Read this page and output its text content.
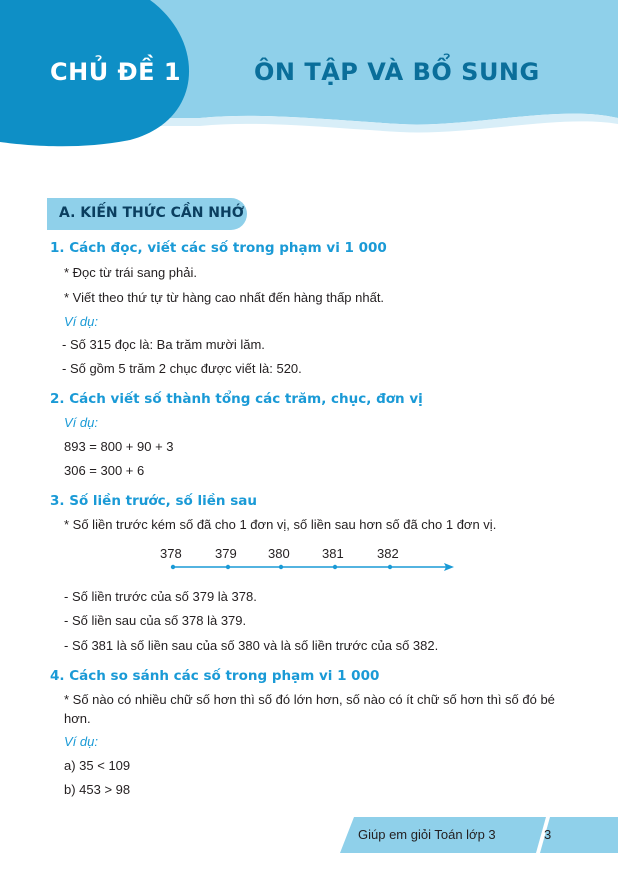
CHỦ ĐỀ 1	ÔN TẬP VÀ BỔ SUNG
A. KIẾN THỨC CẦN NHỚ
1. Cách đọc, viết các số trong phạm vi 1 000
* Đọc từ trái sang phải.
* Viết theo thứ tự từ hàng cao nhất đến hàng thấp nhất.
Ví dụ:
- Số 315 đọc là: Ba trăm mười lăm.
- Số gồm 5 trăm 2 chục được viết là: 520.
2. Cách viết số thành tổng các trăm, chục, đơn vị
Ví dụ:
893 = 800 + 90 + 3
306 = 300 + 6
3. Số liền trước, số liền sau
* Số liền trước kém số đã cho 1 đơn vị, số liền sau hơn số đã cho 1 đơn vị.
378	379 380 381	382
- Số liền trước của số 379 là 378.
- Số liền sau của số 378 là 379.
- Số 381 là số liền sau của số 380 và là số liền trước của số 382.
4. Cách so sánh các số trong phạm vi 1 000
* Số nào có nhiều chữ số hơn thì số đó lớn hơn, số nào có ít chữ số hơn thì số đó bé hơn.
Ví dụ:
a) 35 < 109
b) 453 > 98
Giúp em giỏi Toán lớp 3	3
